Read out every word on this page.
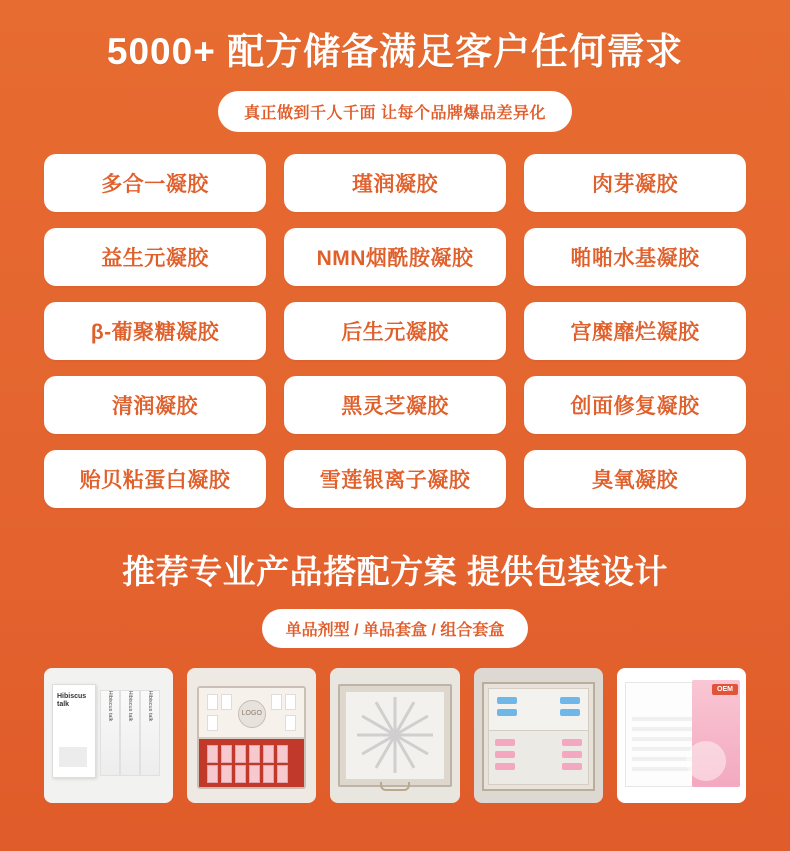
5000+ 配方储备满足客户任何需求
真正做到千人千面 让每个品牌爆品差异化
多合一凝胶	瑾润凝胶	肉芽凝胶
益生元凝胶	NMN烟酰胺凝胶	啪啪水基凝胶
β-葡聚糖凝胶	后生元凝胶	宫糜靡烂凝胶
清润凝胶	黑灵芝凝胶	创面修复凝胶
贻贝粘蛋白凝胶	雪莲银离子凝胶	臭氧凝胶
推荐专业产品搭配方案 提供包装设计
单品剂型 / 单品套盒 / 组合套盒
Hibiscus talk	Hibiscus talk	Hibiscus talk	Hibiscus talk	LOGO
OEM
